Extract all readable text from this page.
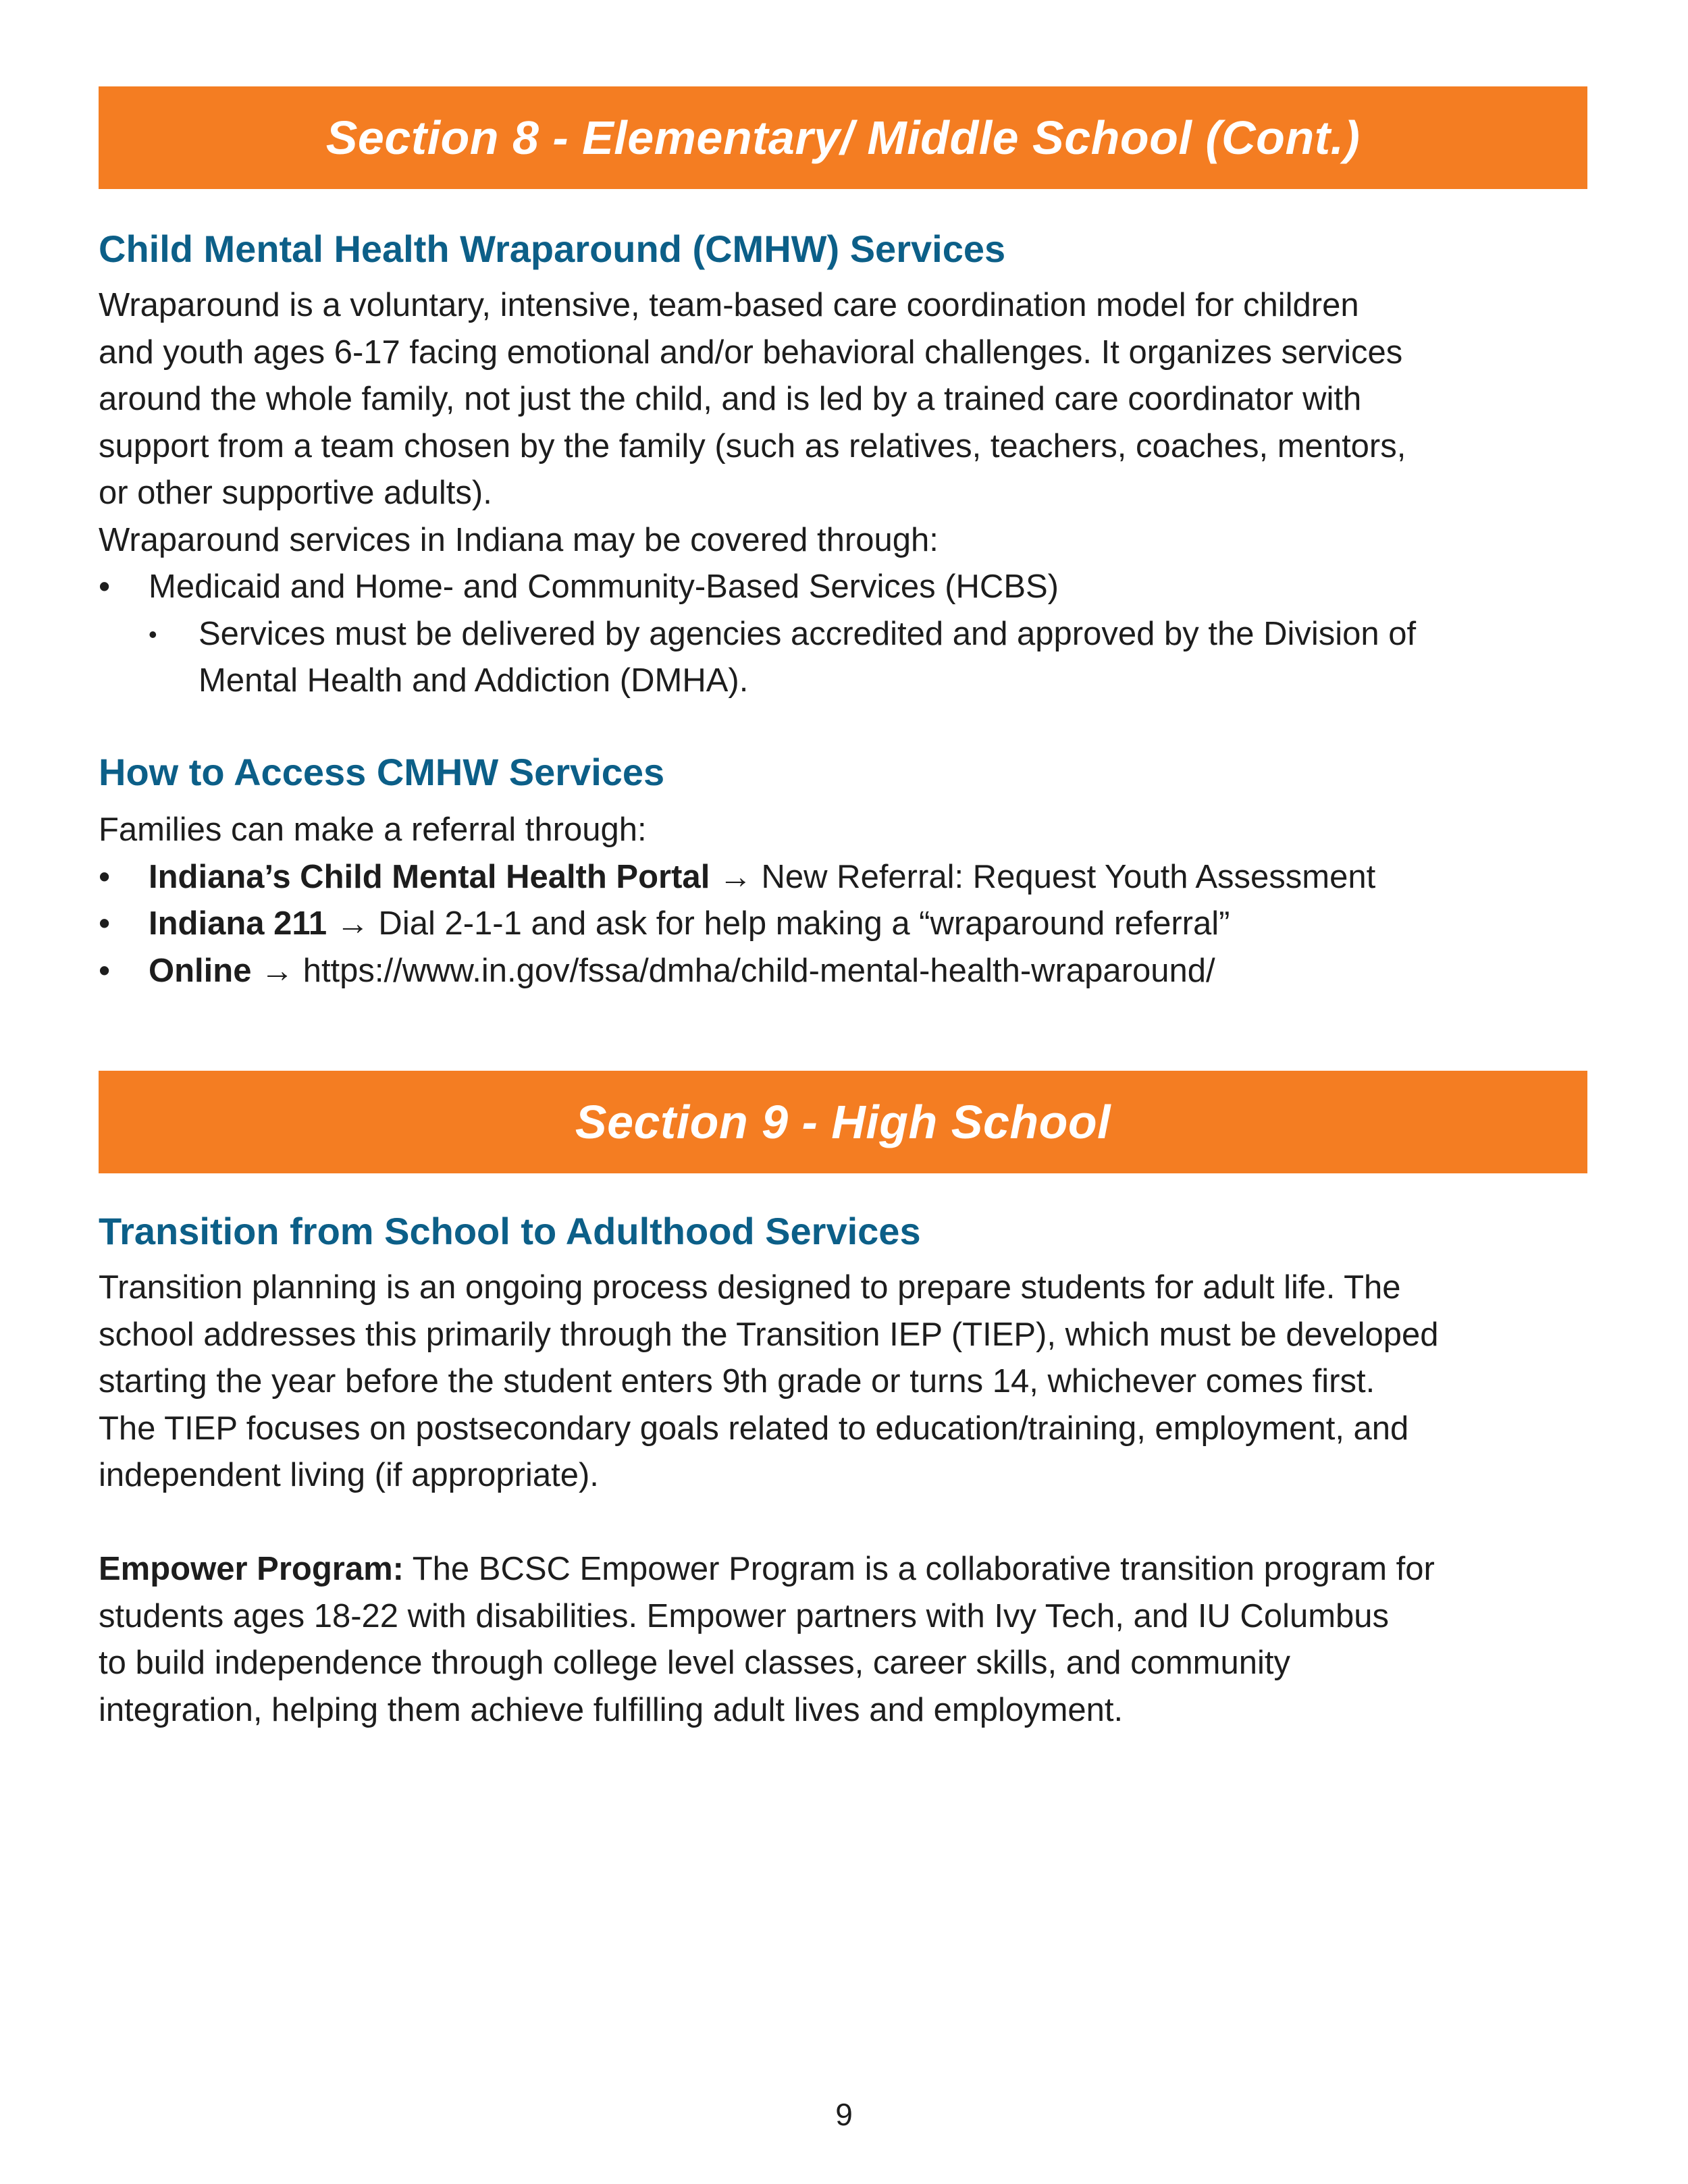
Section 8 - Elementary/ Middle School (Cont.)
Child Mental Health Wraparound (CMHW) Services

Wraparound is a voluntary, intensive, team-based care coordination model for children

and youth ages 6-17 facing emotional and/or behavioral challenges. It organizes services

around the whole family, not just the child, and is led by a trained care coordinator with

support from a team chosen by the family (such as relatives, teachers, coaches, mentors,

or other supportive adults).

Wraparound services in Indiana may be covered through:

• Medicaid and Home- and Community-Based Services (HCBS)
• Services must be delivered by agencies accredited and approved by the Division of

Mental Health and Addiction (DMHA).

How to Access CMHW Services

Families can make a referral through:

• Indiana’s Child Mental Health Portal → New Referral: Request Youth Assessment
• Indiana 211 → Dial 2-1-1 and ask for help making a “wraparound referral”
• Online → https://www.in.gov/fssa/dmha/child-mental-health-wraparound/
Section 9 - High School
Transition from School to Adulthood Services

Transition planning is an ongoing process designed to prepare students for adult life. The

school addresses this primarily through the Transition IEP (TIEP), which must be developed

starting the year before the student enters 9th grade or turns 14, whichever comes first.

The TIEP focuses on postsecondary goals related to education/training, employment, and

independent living (if appropriate).

Empower Program: The BCSC Empower Program is a collaborative transition program for

students ages 18-22 with disabilities. Empower partners with Ivy Tech, and IU Columbus

to build independence through college level classes, career skills, and community

integration, helping them achieve fulfilling adult lives and employment.

9
